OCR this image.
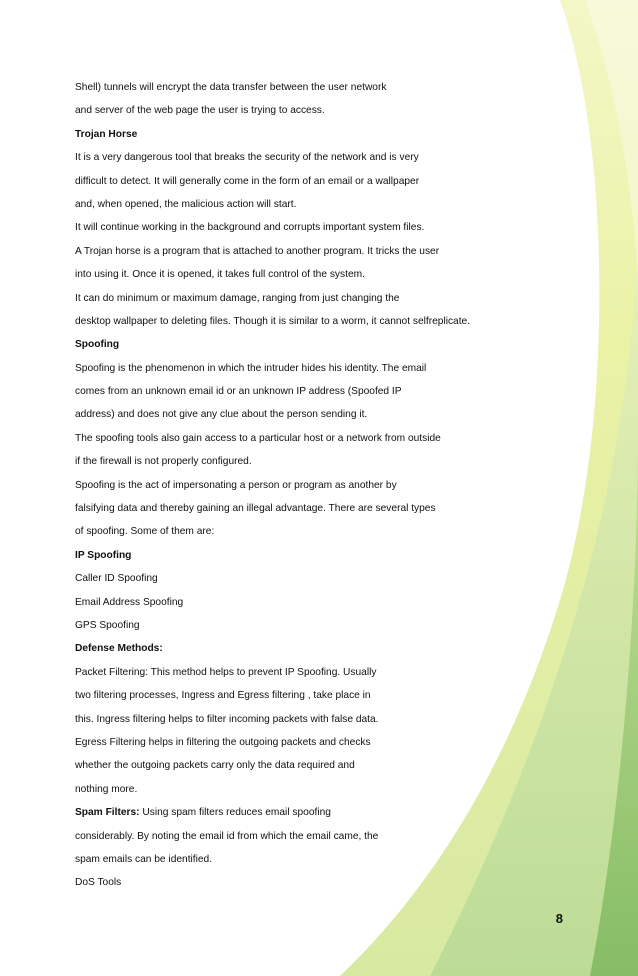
Shell) tunnels will encrypt the data transfer between the user network
and server of the web page the user is trying to access.
Trojan Horse
It is a very dangerous tool that breaks the security of the network and is very
difficult to detect. It will generally come in the form of an email or a wallpaper
and, when opened, the malicious action will start.
It will continue working in the background and corrupts important system files.
A Trojan horse is a program that is attached to another program. It tricks the user
into using it. Once it is opened, it takes full control of the system.
It can do minimum or maximum damage, ranging from just changing the
desktop wallpaper to deleting files. Though it is similar to a worm, it cannot selfreplicate.
Spoofing
Spoofing is the phenomenon in which the intruder hides his identity. The email
comes from an unknown email id or an unknown IP address (Spoofed IP
address) and does not give any clue about the person sending it.
The spoofing tools also gain access to a particular host or a network from outside
if the firewall is not properly configured.
Spoofing is the act of impersonating a person or program as another by
falsifying data and thereby gaining an illegal advantage. There are several types
of spoofing. Some of them are:
IP Spoofing
Caller ID Spoofing
Email Address Spoofing
GPS Spoofing
Defense Methods:
Packet Filtering: This method helps to prevent IP Spoofing. Usually
two filtering processes, Ingress and Egress filtering , take place in
this. Ingress filtering helps to filter incoming packets with false data.
Egress Filtering helps in filtering the outgoing packets and checks
whether the outgoing packets carry only the data required and
nothing more.
Spam Filters: Using spam filters reduces email spoofing
considerably. By noting the email id from which the email came, the
spam emails can be identified.
DoS Tools
8
